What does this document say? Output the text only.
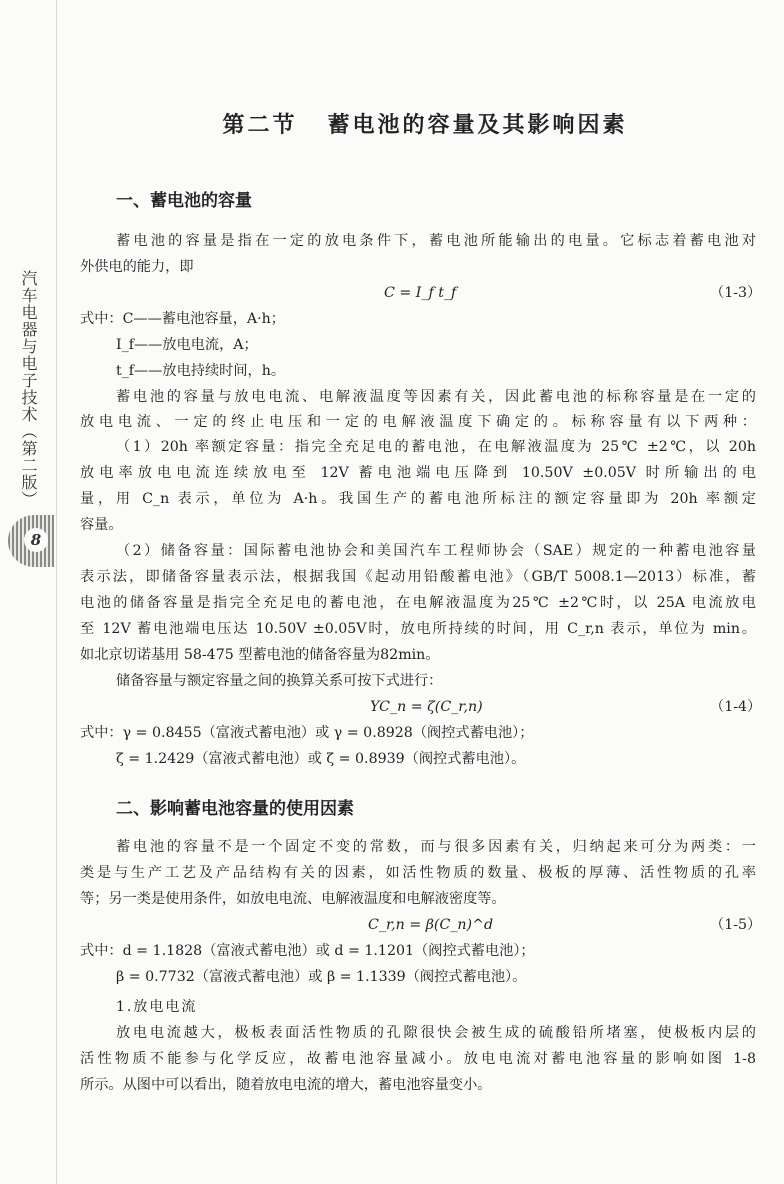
汽车电器与电子技术（第二版）
8
第二节 蓄电池的容量及其影响因素
一、蓄电池的容量
蓄电池的容量是指在一定的放电条件下，蓄电池所能输出的电量。它标志着蓄电池对
外供电的能力，即
C = I_f t_f	（1-3）
式中：C——蓄电池容量，A·h；
I_f——放电电流，A；
t_f——放电持续时间，h。
蓄电池的容量与放电电流、电解液温度等因素有关，因此蓄电池的标称容量是在一定的
放电电流、一定的终止电压和一定的电解液温度下确定的。标称容量有以下两种：
（1）20h 率额定容量：指完全充足电的蓄电池，在电解液温度为 25℃ ±2℃，以 20h
放电率放电电流连续放电至 12V 蓄电池端电压降到 10.50V ±0.05V 时所输出的电
量，用 C_n 表示，单位为 A·h。我国生产的蓄电池所标注的额定容量即为 20h 率额定
容量。
（2）储备容量：国际蓄电池协会和美国汽车工程师协会（SAE）规定的一种蓄电池容量
表示法，即储备容量表示法，根据我国《起动用铅酸蓄电池》（GB/T 5008.1—2013）标准，蓄
电池的储备容量是指完全充足电的蓄电池，在电解液温度为25℃ ±2℃时，以 25A 电流放电
至 12V 蓄电池端电压达 10.50V ±0.05V时，放电所持续的时间，用 C_r,n 表示，单位为 min。
如北京切诺基用 58-475 型蓄电池的储备容量为82min。
储备容量与额定容量之间的换算关系可按下式进行：
YC_n = ζ(C_r,n)	（1-4）
式中：γ = 0.8455（富液式蓄电池）或 γ = 0.8928（阀控式蓄电池）；
ζ = 1.2429（富液式蓄电池）或 ζ = 0.8939（阀控式蓄电池）。
二、影响蓄电池容量的使用因素
蓄电池的容量不是一个固定不变的常数，而与很多因素有关，归纳起来可分为两类：一
类是与生产工艺及产品结构有关的因素，如活性物质的数量、极板的厚薄、活性物质的孔率
等；另一类是使用条件，如放电电流、电解液温度和电解液密度等。
C_r,n = β(C_n)^d	（1-5）
式中：d = 1.1828（富液式蓄电池）或 d = 1.1201（阀控式蓄电池）；
β = 0.7732（富液式蓄电池）或 β = 1.1339（阀控式蓄电池）。
1.放电电流
放电电流越大，极板表面活性物质的孔隙很快会被生成的硫酸铅所堵塞，使极板内层的
活性物质不能参与化学反应，故蓄电池容量减小。放电电流对蓄电池容量的影响如图 1-8
所示。从图中可以看出，随着放电电流的增大，蓄电池容量变小。
